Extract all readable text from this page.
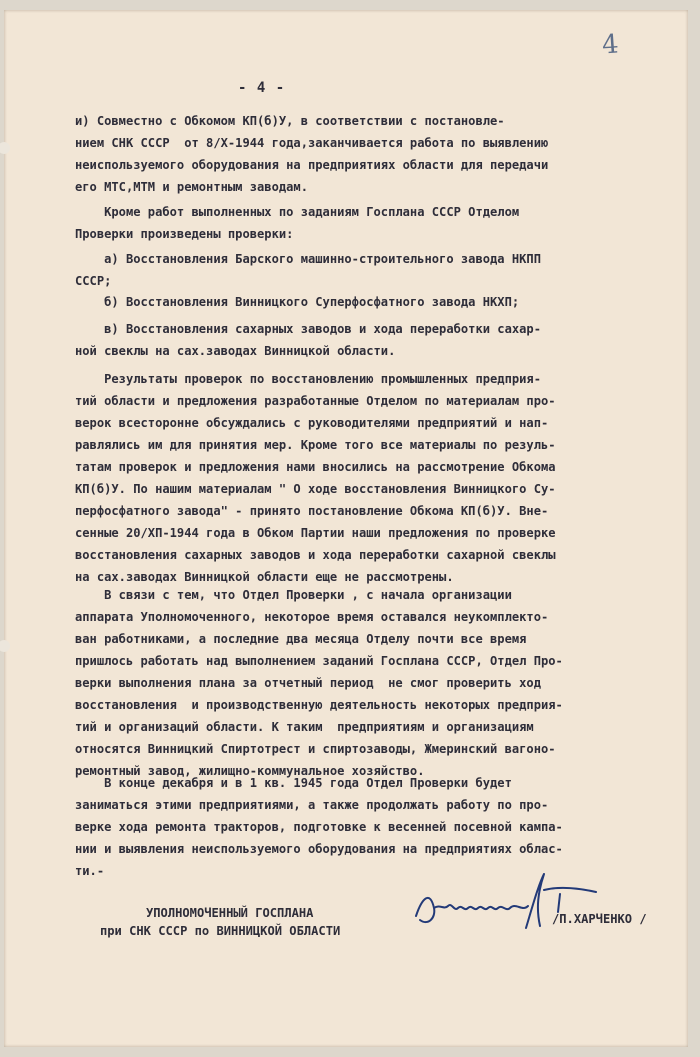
4
- 4 -
и) Совместно с Обкомом КП(б)У, в соответствии с постановле-
нием СНК СССР  от 8/Х-1944 года,заканчивается работа по выявлению
неиспользуемого оборудования на предприятиях области для передачи
его МТС,МТМ и ремонтным заводам.
Кроме работ выполненных по заданиям Госплана СССР Отделом
Проверки произведены проверки:
а) Восстановления Барского машинно-строительного завода НКПП
СССР;
б) Восстановления Винницкого Суперфосфатного завода НКХП;
в) Восстановления сахарных заводов и хода переработки сахар-
ной свеклы на сах.заводах Винницкой области.
Результаты проверок по восстановлению промышленных предприя-
тий области и предложения разработанные Отделом по материалам про-
верок всесторонне обсуждались с руководителями предприятий и нап-
равлялись им для принятия мер. Кроме того все материалы по резуль-
татам проверок и предложения нами вносились на рассмотрение Обкома
КП(б)У. По нашим материалам " О ходе восстановления Винницкого Су-
перфосфатного завода" - принято постановление Обкома КП(б)У. Вне-
сенные 20/ХП-1944 года в Обком Партии наши предложения по проверке
восстановления сахарных заводов и хода переработки сахарной свеклы
на сах.заводах Винницкой области еще не рассмотрены.
В связи с тем, что Отдел Проверки , с начала организации
аппарата Уполномоченного, некоторое время оставался неукомплекто-
ван работниками, а последние два месяца Отделу почти все время
пришлось работать над выполнением заданий Госплана СССР, Отдел Про-
верки выполнения плана за отчетный период  не смог проверить ход
восстановления  и производственную деятельность некоторых предприя-
тий и организаций области. К таким  предприятиям и организациям
относятся Винницкий Спиртотрест и спиртозаводы, Жмеринский вагоно-
ремонтный завод, жилищно-коммунальное хозяйство.
В конце декабря и в 1 кв. 1945 года Отдел Проверки будет
заниматься этими предприятиями, а также продолжать работу по про-
верке хода ремонта тракторов, подготовке к весенней посевной кампа-
нии и выявления неиспользуемого оборудования на предприятиях облас-
ти.-
УПОЛНОМОЧЕННЫЙ ГОСПЛАНА
при СНК СССР по ВИННИЦКОЙ ОБЛАСТИ
/П.ХАРЧЕНКО /
